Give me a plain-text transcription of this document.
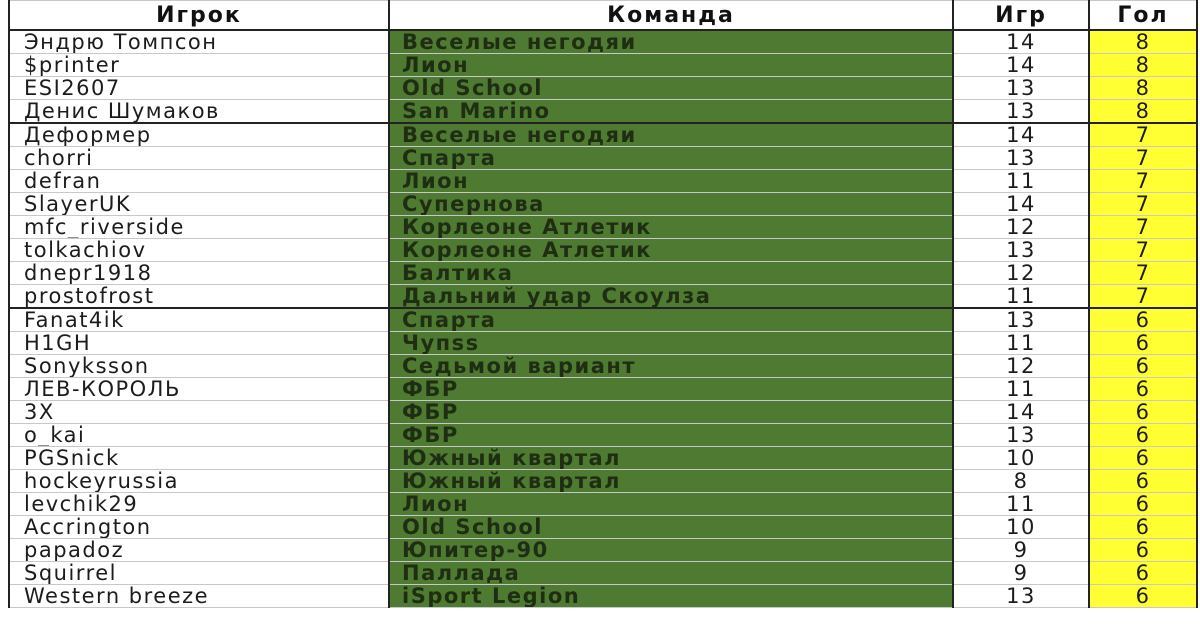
Игрок	Команда	Игр	Гол
Эндрю Томпсон	Веселые негодяи	14	8
$printer	Лион	14	8
ESI2607	Old School	13	8
Денис Шумаков	San Marino	13	8
Деформер	Веселые негодяи	14	7
chorri	Спарта	13	7
defran	Лион	11	7
SlayerUK	Супернова	14	7
mfc_riverside	Корлеоне Атлетик	12	7
tolkachiov	Корлеоне Атлетик	13	7
dnepr1918	Балтика	12	7
prostofrost	Дальний удар Скоулза	11	7
Fanat4ik	Спарта	13	6
H1GH	Чупss	11	6
Sonyksson	Седьмой вариант	12	6
ЛЕВ-КОРОЛЬ	ФБР	11	6
3X	ФБР	14	6
o_kai	ФБР	13	6
PGSnick	Южный квартал	10	6
hockeyrussia	Южный квартал	8	6
levchik29	Лион	11	6
Accrington	Old School	10	6
papadoz	Юпитер-90	9	6
Squirrel	Паллада	9	6
Western breeze	iSport Legion	13	6
